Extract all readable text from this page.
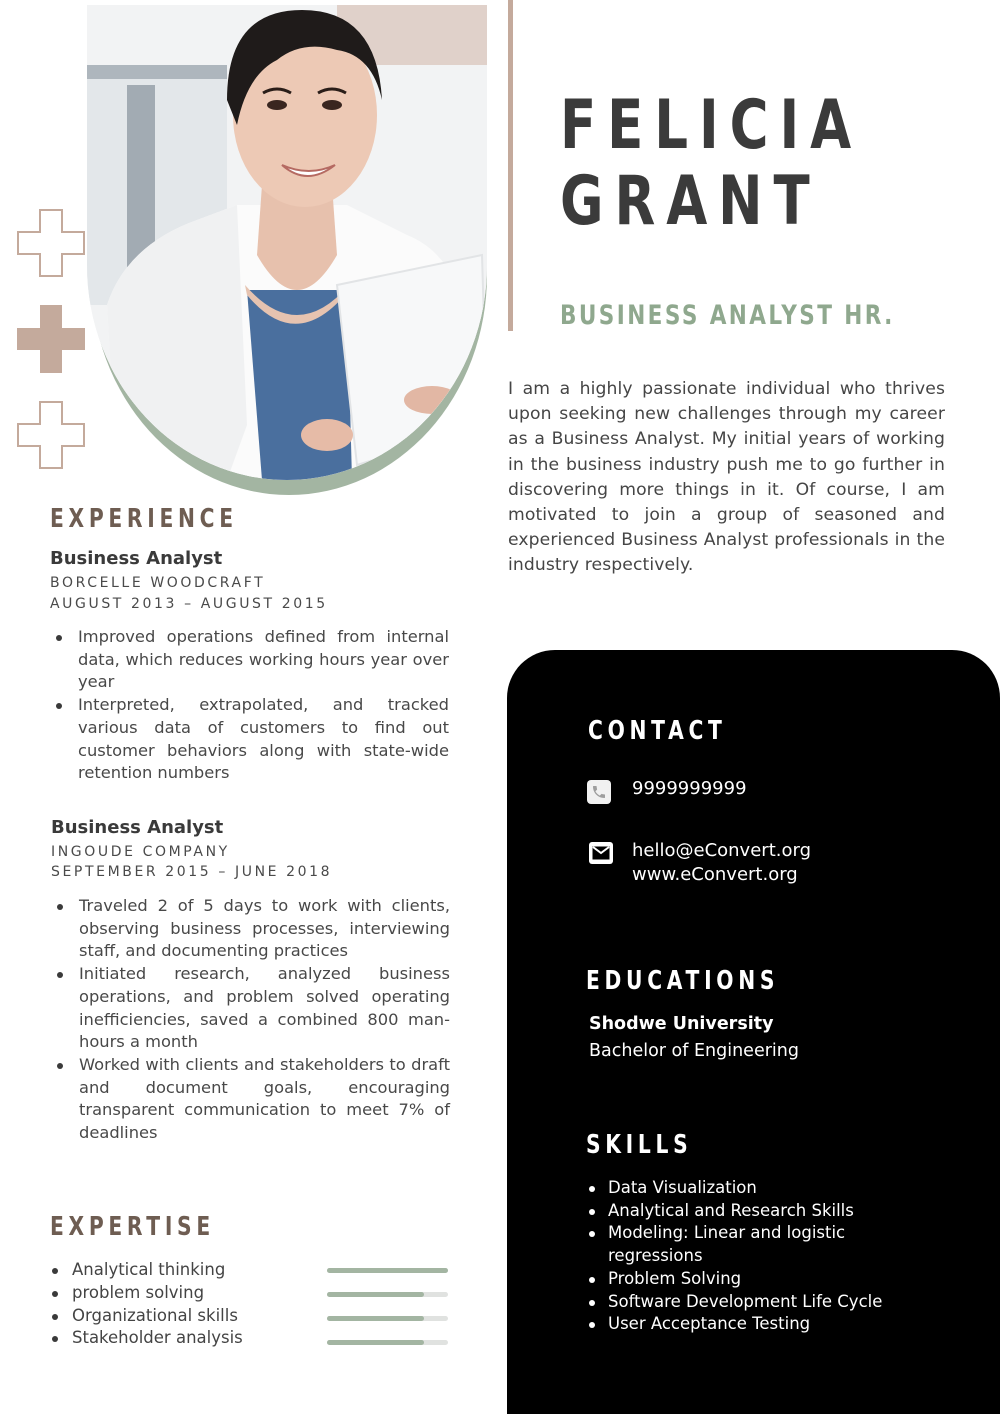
FELICIA
GRANT
BUSINESS ANALYST HR.

I am a highly passionate individual who thrives upon seeking new challenges through my career as a Business Analyst. My initial years of working in the business industry push me to go further in discovering more things in it. Of course, I am motivated to join a group of seasoned and experienced Business Analyst professionals in the industry respectively.

EXPERIENCE
Business Analyst
BORCELLE WOODCRAFT
AUGUST 2013 – AUGUST 2015
Improved operations defined from internal data, which reduces working hours year over year
Interpreted, extrapolated, and tracked various data of customers to find out customer behaviors along with state-wide retention numbers
Business Analyst
INGOUDE COMPANY
SEPTEMBER 2015 – JUNE 2018
Traveled 2 of 5 days to work with clients, observing business processes, interviewing staff, and documenting practices
Initiated research, analyzed business operations, and problem solved operating inefficiencies, saved a combined 800 man-hours a month
Worked with clients and stakeholders to draft and document goals, encouraging transparent communication to meet 7% of deadlines
EXPERTISE
Analytical thinking
problem solving
Organizational skills
Stakeholder analysis
CONTACT
9999999999
hello@eConvert.org
www.eConvert.org
EDUCATIONS
Shodwe University
Bachelor of Engineering
SKILLS
Data Visualization
Analytical and Research Skills
Modeling: Linear and logistic regressions
Problem Solving
Software Development Life Cycle
User Acceptance Testing
